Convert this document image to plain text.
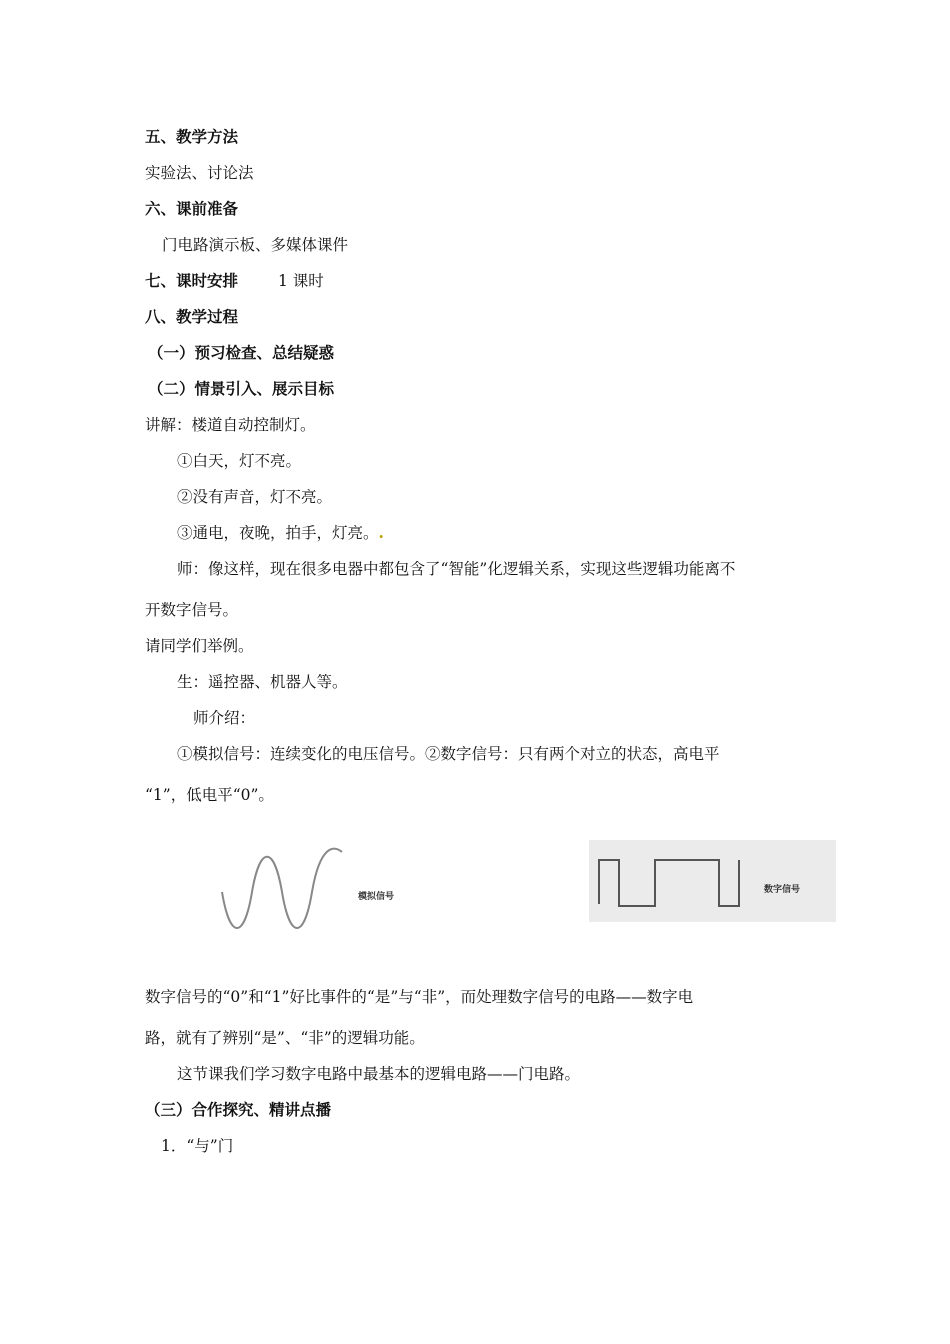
五、教学方法
实验法、讨论法
六、课前准备
门电路演示板、多媒体课件
七、课时安排	1 课时
八、教学过程
（一）预习检查、总结疑惑
（二）情景引入、展示目标
讲解：楼道自动控制灯。
①白天，灯不亮。
②没有声音，灯不亮。
③通电，夜晚，拍手，灯亮。.
师：像这样，现在很多电器中都包含了“智能”化逻辑关系，实现这些逻辑功能离不
开数字信号。
请同学们举例。
生：遥控器、机器人等。
师介绍：
①模拟信号：连续变化的电压信号。②数字信号：只有两个对立的状态，高电平
“1”，低电平“0”。
模拟信号
数字信号
数字信号的“0”和“1”好比事件的“是”与“非”，而处理数字信号的电路——数字电
路，就有了辨别“是”、“非”的逻辑功能。
这节课我们学习数字电路中最基本的逻辑电路——门电路。
（三）合作探究、精讲点播
1．“与”门
